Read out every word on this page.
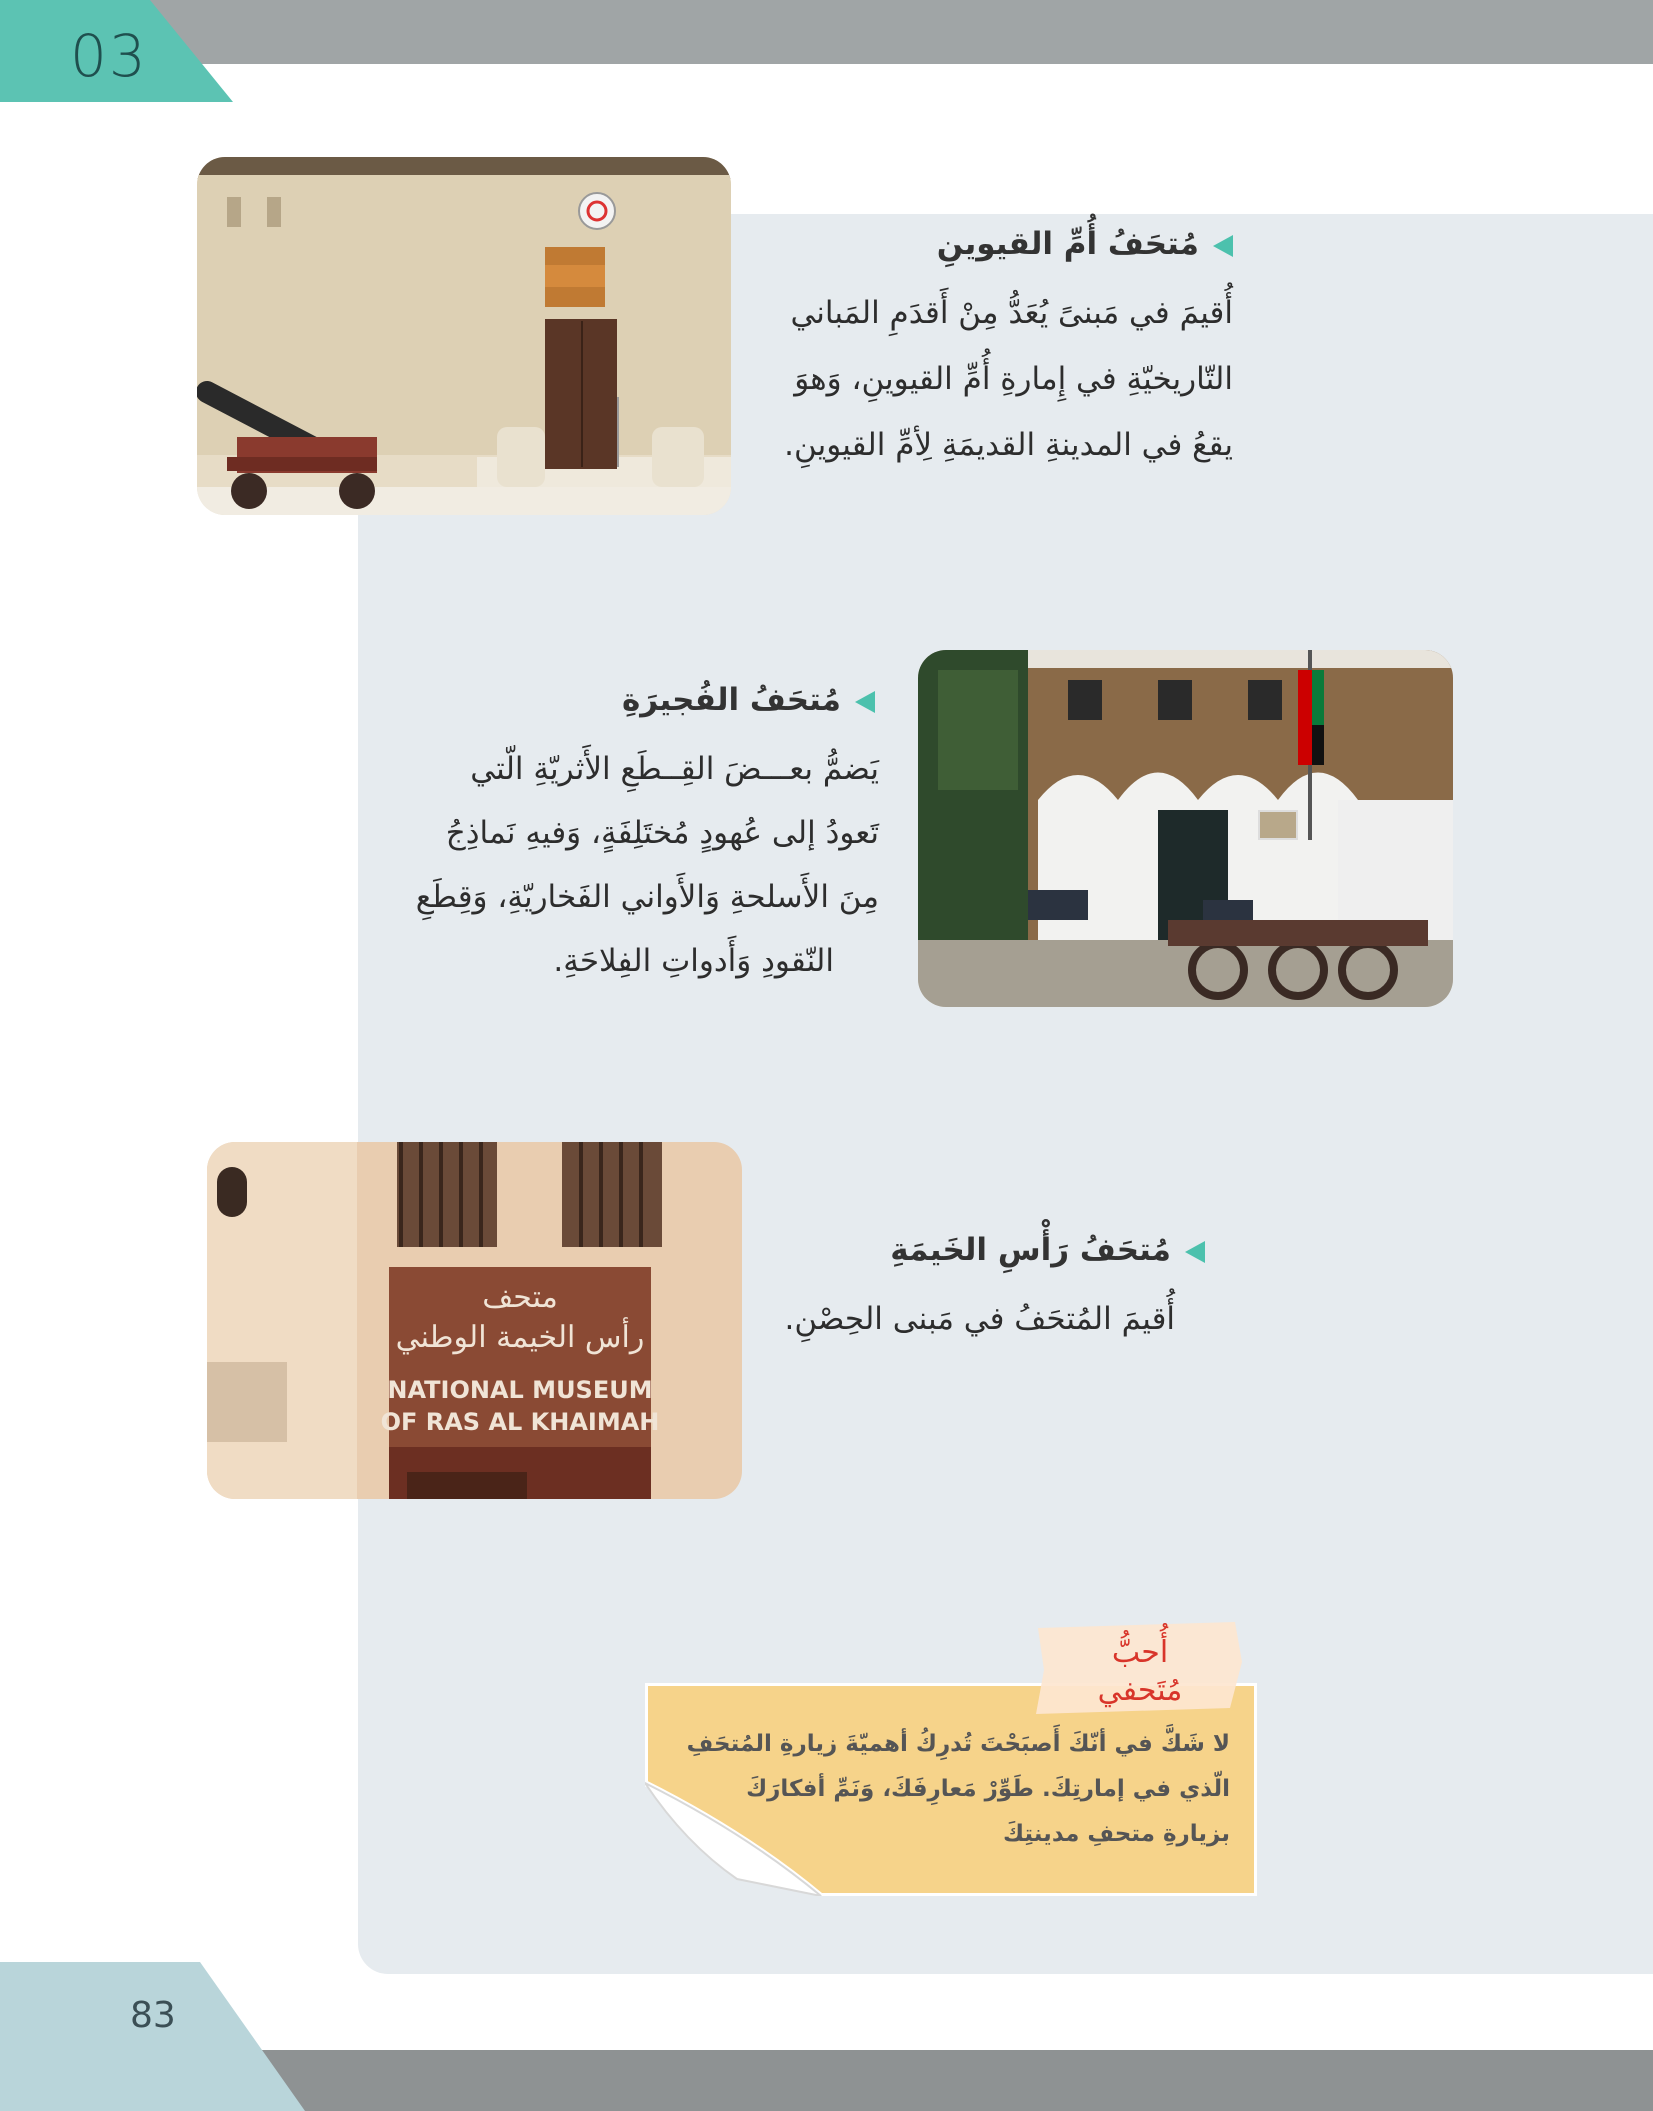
03
مُتحَفُ أُمِّ القيوينِ
أُقيمَ في مَبنىً يُعَدُّ مِنْ أَقدَمِ المَباني
التّاريخيّةِ في إِمارةِ أُمِّ القيوينِ، وَهوَ
يقعُ في المدينةِ القديمَةِ لِأمِّ القيوينِ.
مُتحَفُ الفُجيرَةِ
يَضمُّ بعـــضَ القِــطَعِ الأَثريّةِ الّتي
تَعودُ إلى عُهودٍ مُختَلِفَةٍ، وَفيهِ نَماذِجُ
مِنَ الأَسلحةِ وَالأَواني الفَخاريّةِ، وَقِطَعِ
النّقودِ وَأَدواتِ الفِلاحَةِ.
متحف
رأس الخيمة الوطني
NATIONAL MUSEUM
OF RAS AL KHAIMAH
مُتحَفُ رَأْسِ الخَيمَةِ
أُقيمَ المُتحَفُ في مَبنى الحِصْنِ.
أُحبُّ
مُتَحفي
لا شَكَّ في أنّكَ أَصبَحْتَ تُدرِكُ أهميّةَ زيارةِ المُتحَفِ
الّذي في إمارتِكَ. طَوِّرْ مَعارِفَكَ، وَنَمِّ أفكارَكَ
بزيارةِ متحفِ مدينتِكَ
83
